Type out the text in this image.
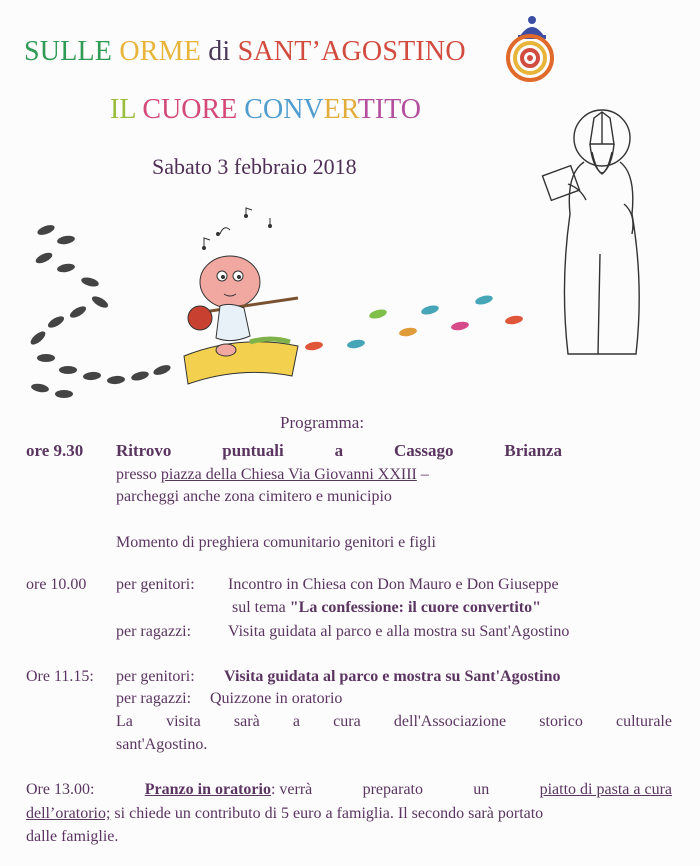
SULLE ORME di SANT’AGOSTINO
IL CUORE CONVERTITO
Sabato 3 febbraio 2018
Programma:
ore 9.30 Ritrovo	puntuali	a	Cassago	Brianza
presso piazza della Chiesa Via Giovanni XXIII –
parcheggi anche zona cimitero e municipio
Momento di preghiera comunitario genitori e figli
ore 10.00 per genitori: Incontro in Chiesa con Don Mauro e Don Giuseppe
sul tema "La confessione: il cuore convertito"
per ragazzi: Visita guidata al parco e alla mostra su Sant'Agostino
Ore 11.15: per genitori: Visita guidata al parco e mostra su Sant'Agostino
per ragazzi: Quizzone in oratorio
La visita sarà a cura dell'Associazione storico culturale
sant'Agostino.
Ore 13.00:	Pranzo in oratorio: verrà	preparato	un	piatto di pasta a cura
dell’oratorio; si chiede un contributo di 5 euro a famiglia. Il secondo sarà portato
dalle famiglie.
